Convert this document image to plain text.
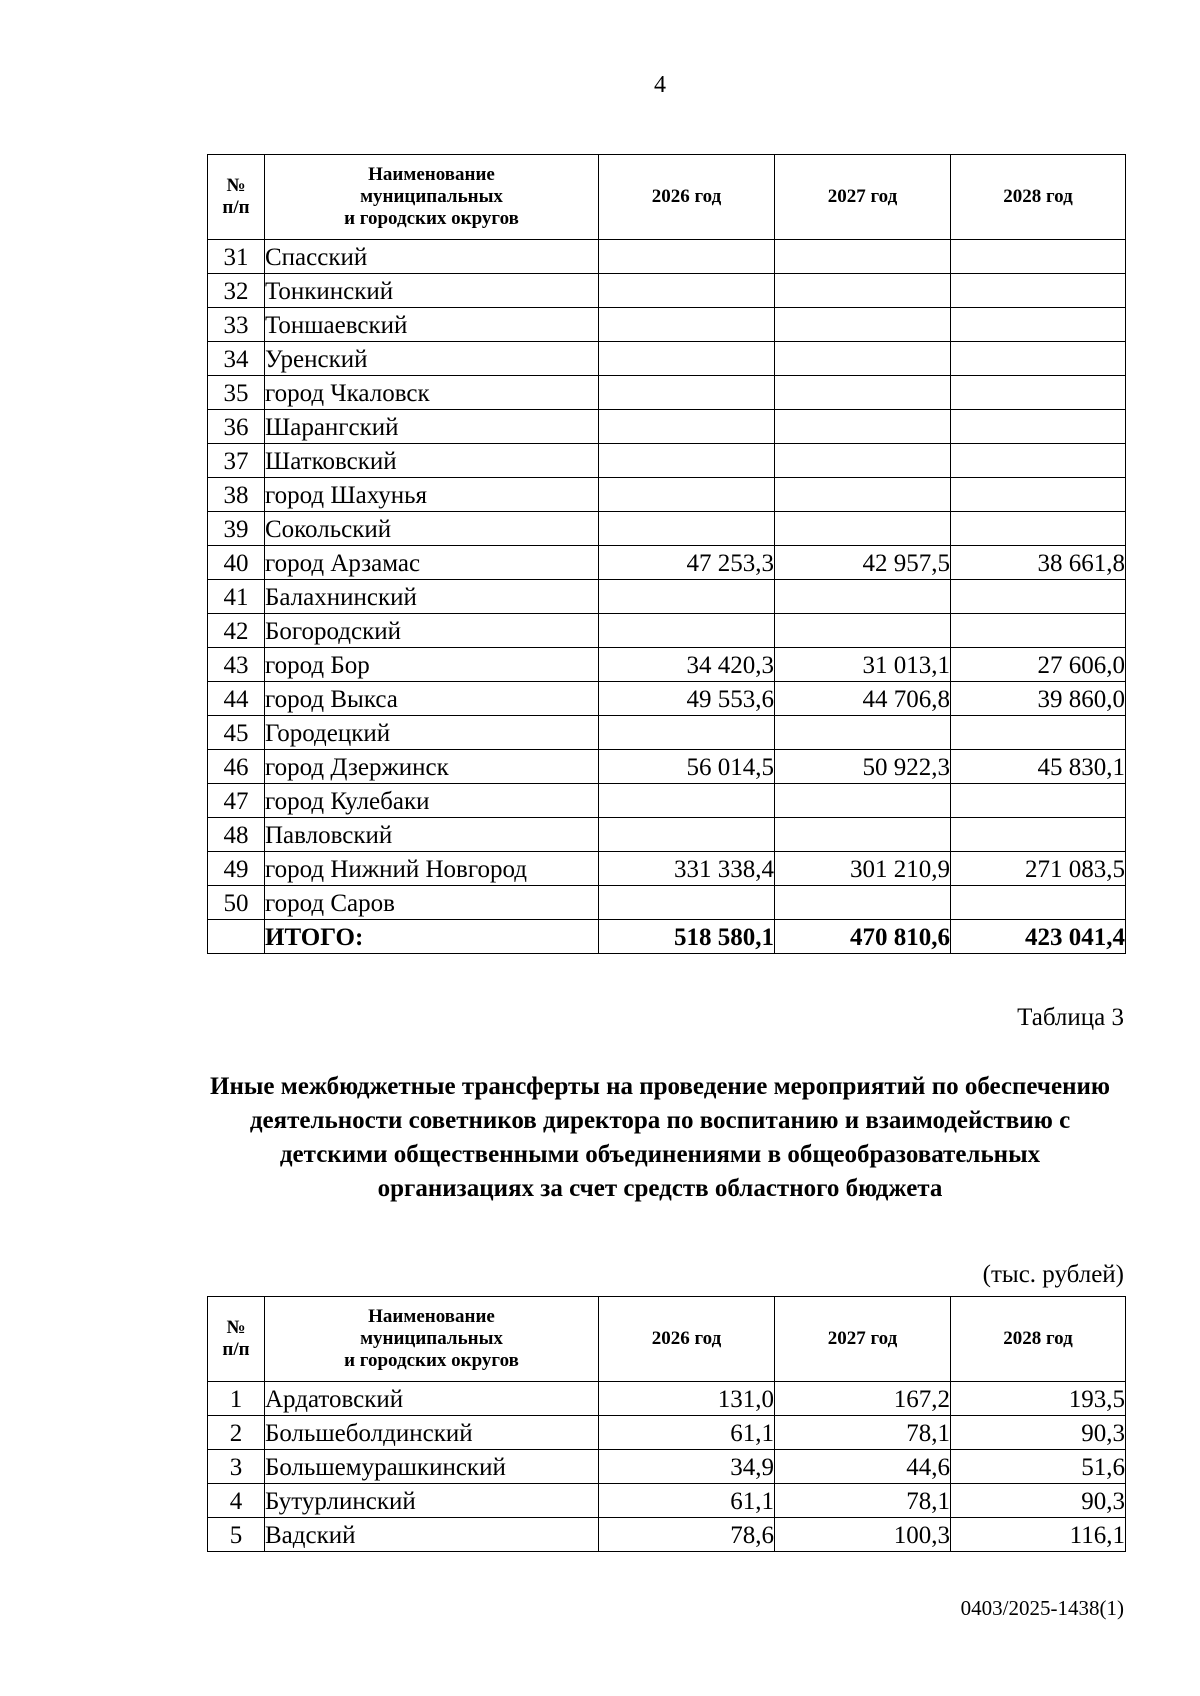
4
№
п/п	Наименование
муниципальных
и городских округов	2026 год	2027 год	2028 год
31	Спасский			
32	Тонкинский			
33	Тоншаевский			
34	Уренский			
35	город Чкаловск			
36	Шарангский			
37	Шатковский			
38	город Шахунья			
39	Сокольский			
40	город Арзамас	47 253,3	42 957,5	38 661,8
41	Балахнинский			
42	Богородский			
43	город Бор	34 420,3	31 013,1	27 606,0
44	город Выкса	49 553,6	44 706,8	39 860,0
45	Городецкий			
46	город Дзержинск	56 014,5	50 922,3	45 830,1
47	город Кулебаки			
48	Павловский			
49	город Нижний Новгород	331 338,4	301 210,9	271 083,5
50	город Саров			
	ИТОГО:	518 580,1	470 810,6	423 041,4
Таблица 3
Иные межбюджетные трансферты на проведение мероприятий по обеспечению деятельности советников директора по воспитанию и взаимодействию с детскими общественными объединениями в общеобразовательных организациях за счет средств областного бюджета
(тыс. рублей)
№
п/п	Наименование
муниципальных
и городских округов	2026 год	2027 год	2028 год
1	Ардатовский	131,0	167,2	193,5
2	Большеболдинский	61,1	78,1	90,3
3	Большемурашкинский	34,9	44,6	51,6
4	Бутурлинский	61,1	78,1	90,3
5	Вадский	78,6	100,3	116,1
0403/2025-1438(1)
